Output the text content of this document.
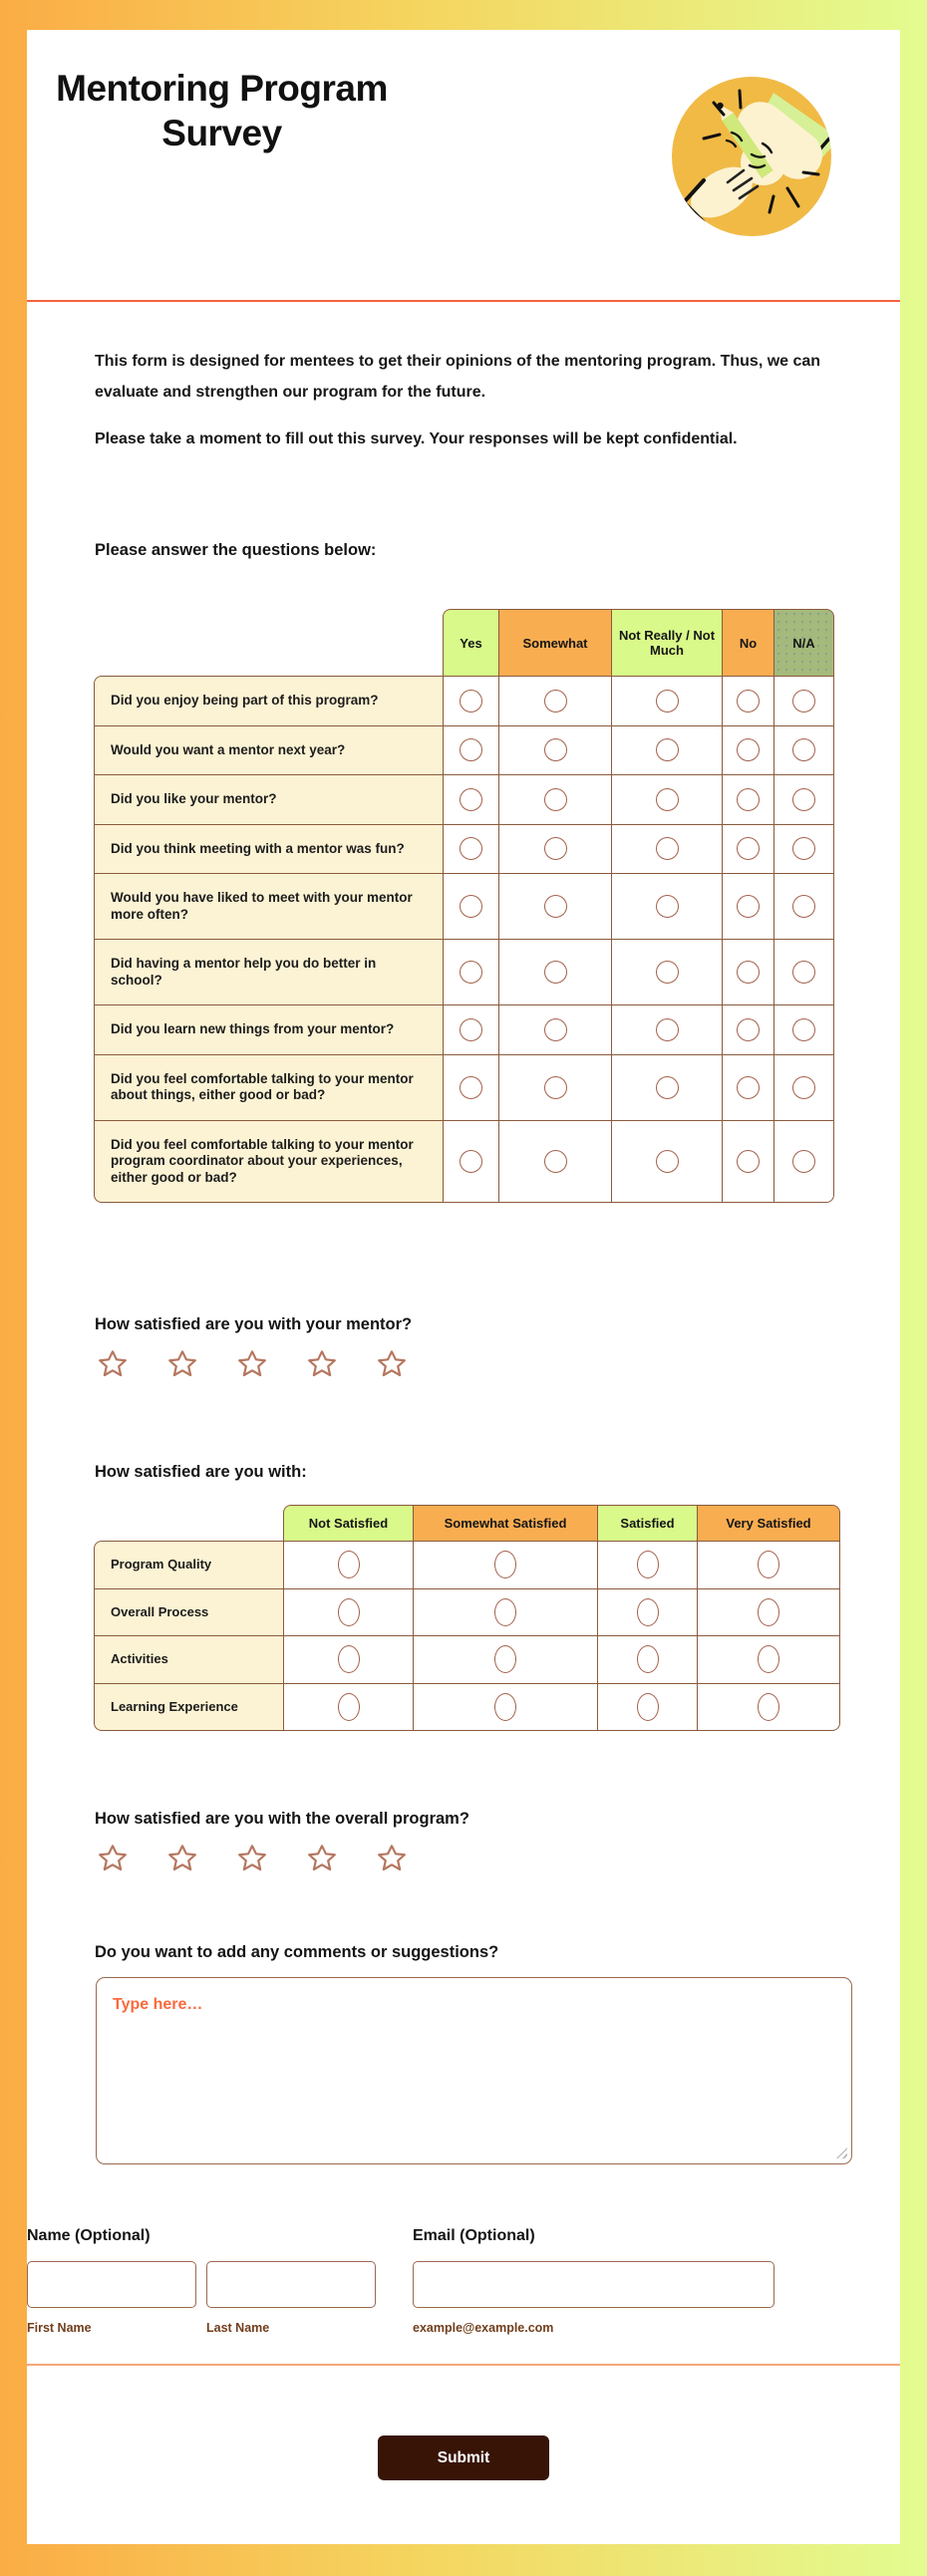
Mentoring Program Survey

This form is designed for mentees to get their opinions of the mentoring program. Thus, we can evaluate and strengthen our program for the future.

Please take a moment to fill out this survey. Your responses will be kept confidential.

Please answer the questions below:
	Yes	Somewhat	Not Really / Not Much	No	N/A
Did you enjoy being part of this program?					
Would you want a mentor next year?					
Did you like your mentor?					
Did you think meeting with a mentor was fun?					
Would you have liked to meet with your mentor more often?					
Did having a mentor help you do better in school?					
Did you learn new things from your mentor?					
Did you feel comfortable talking to your mentor about things, either good or bad?					
Did you feel comfortable talking to your mentor program coordinator about your experiences, either good or bad?					
How satisfied are you with your mentor?
How satisfied are you with:
	Not Satisfied	Somewhat Satisfied	Satisfied	Very Satisfied
Program Quality				
Overall Process				
Activities				
Learning Experience				
How satisfied are you with the overall program?
Do you want to add any comments or suggestions?
Type here…
Name (Optional)
First Name	Last Name
Email (Optional)
example@example.com
Submit
